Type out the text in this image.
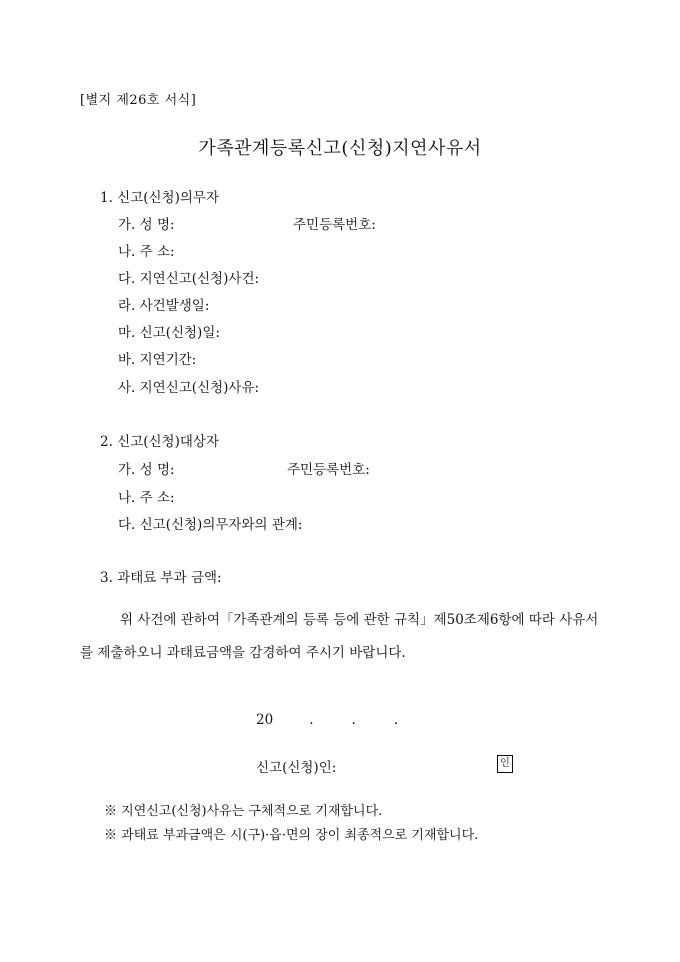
[별지 제26호 서식]
가족관계등록신고(신청)지연사유서
1. 신고(신청)의무자
가. 성 명:	주민등록번호:
나. 주 소:
다. 지연신고(신청)사건:
라. 사건발생일:
마. 신고(신청)일:
바. 지연기간:
사. 지연신고(신청)사유:
2. 신고(신청)대상자
가. 성 명:	주민등록번호:
나. 주 소:
다. 신고(신청)의무자와의 관계:
3. 과태료 부과 금액:
위 사건에 관하여「가족관계의 등록 등에 관한 규칙」제50조제6항에 따라 사유서를 제출하오니 과태료금액을 감경하여 주시기 바랍니다.
20	.	.	.
신고(신청)인:	인
※ 지연신고(신청)사유는 구체적으로 기재합니다.
※ 과태료 부과금액은 시(구)·읍·면의 장이 최종적으로 기재합니다.
